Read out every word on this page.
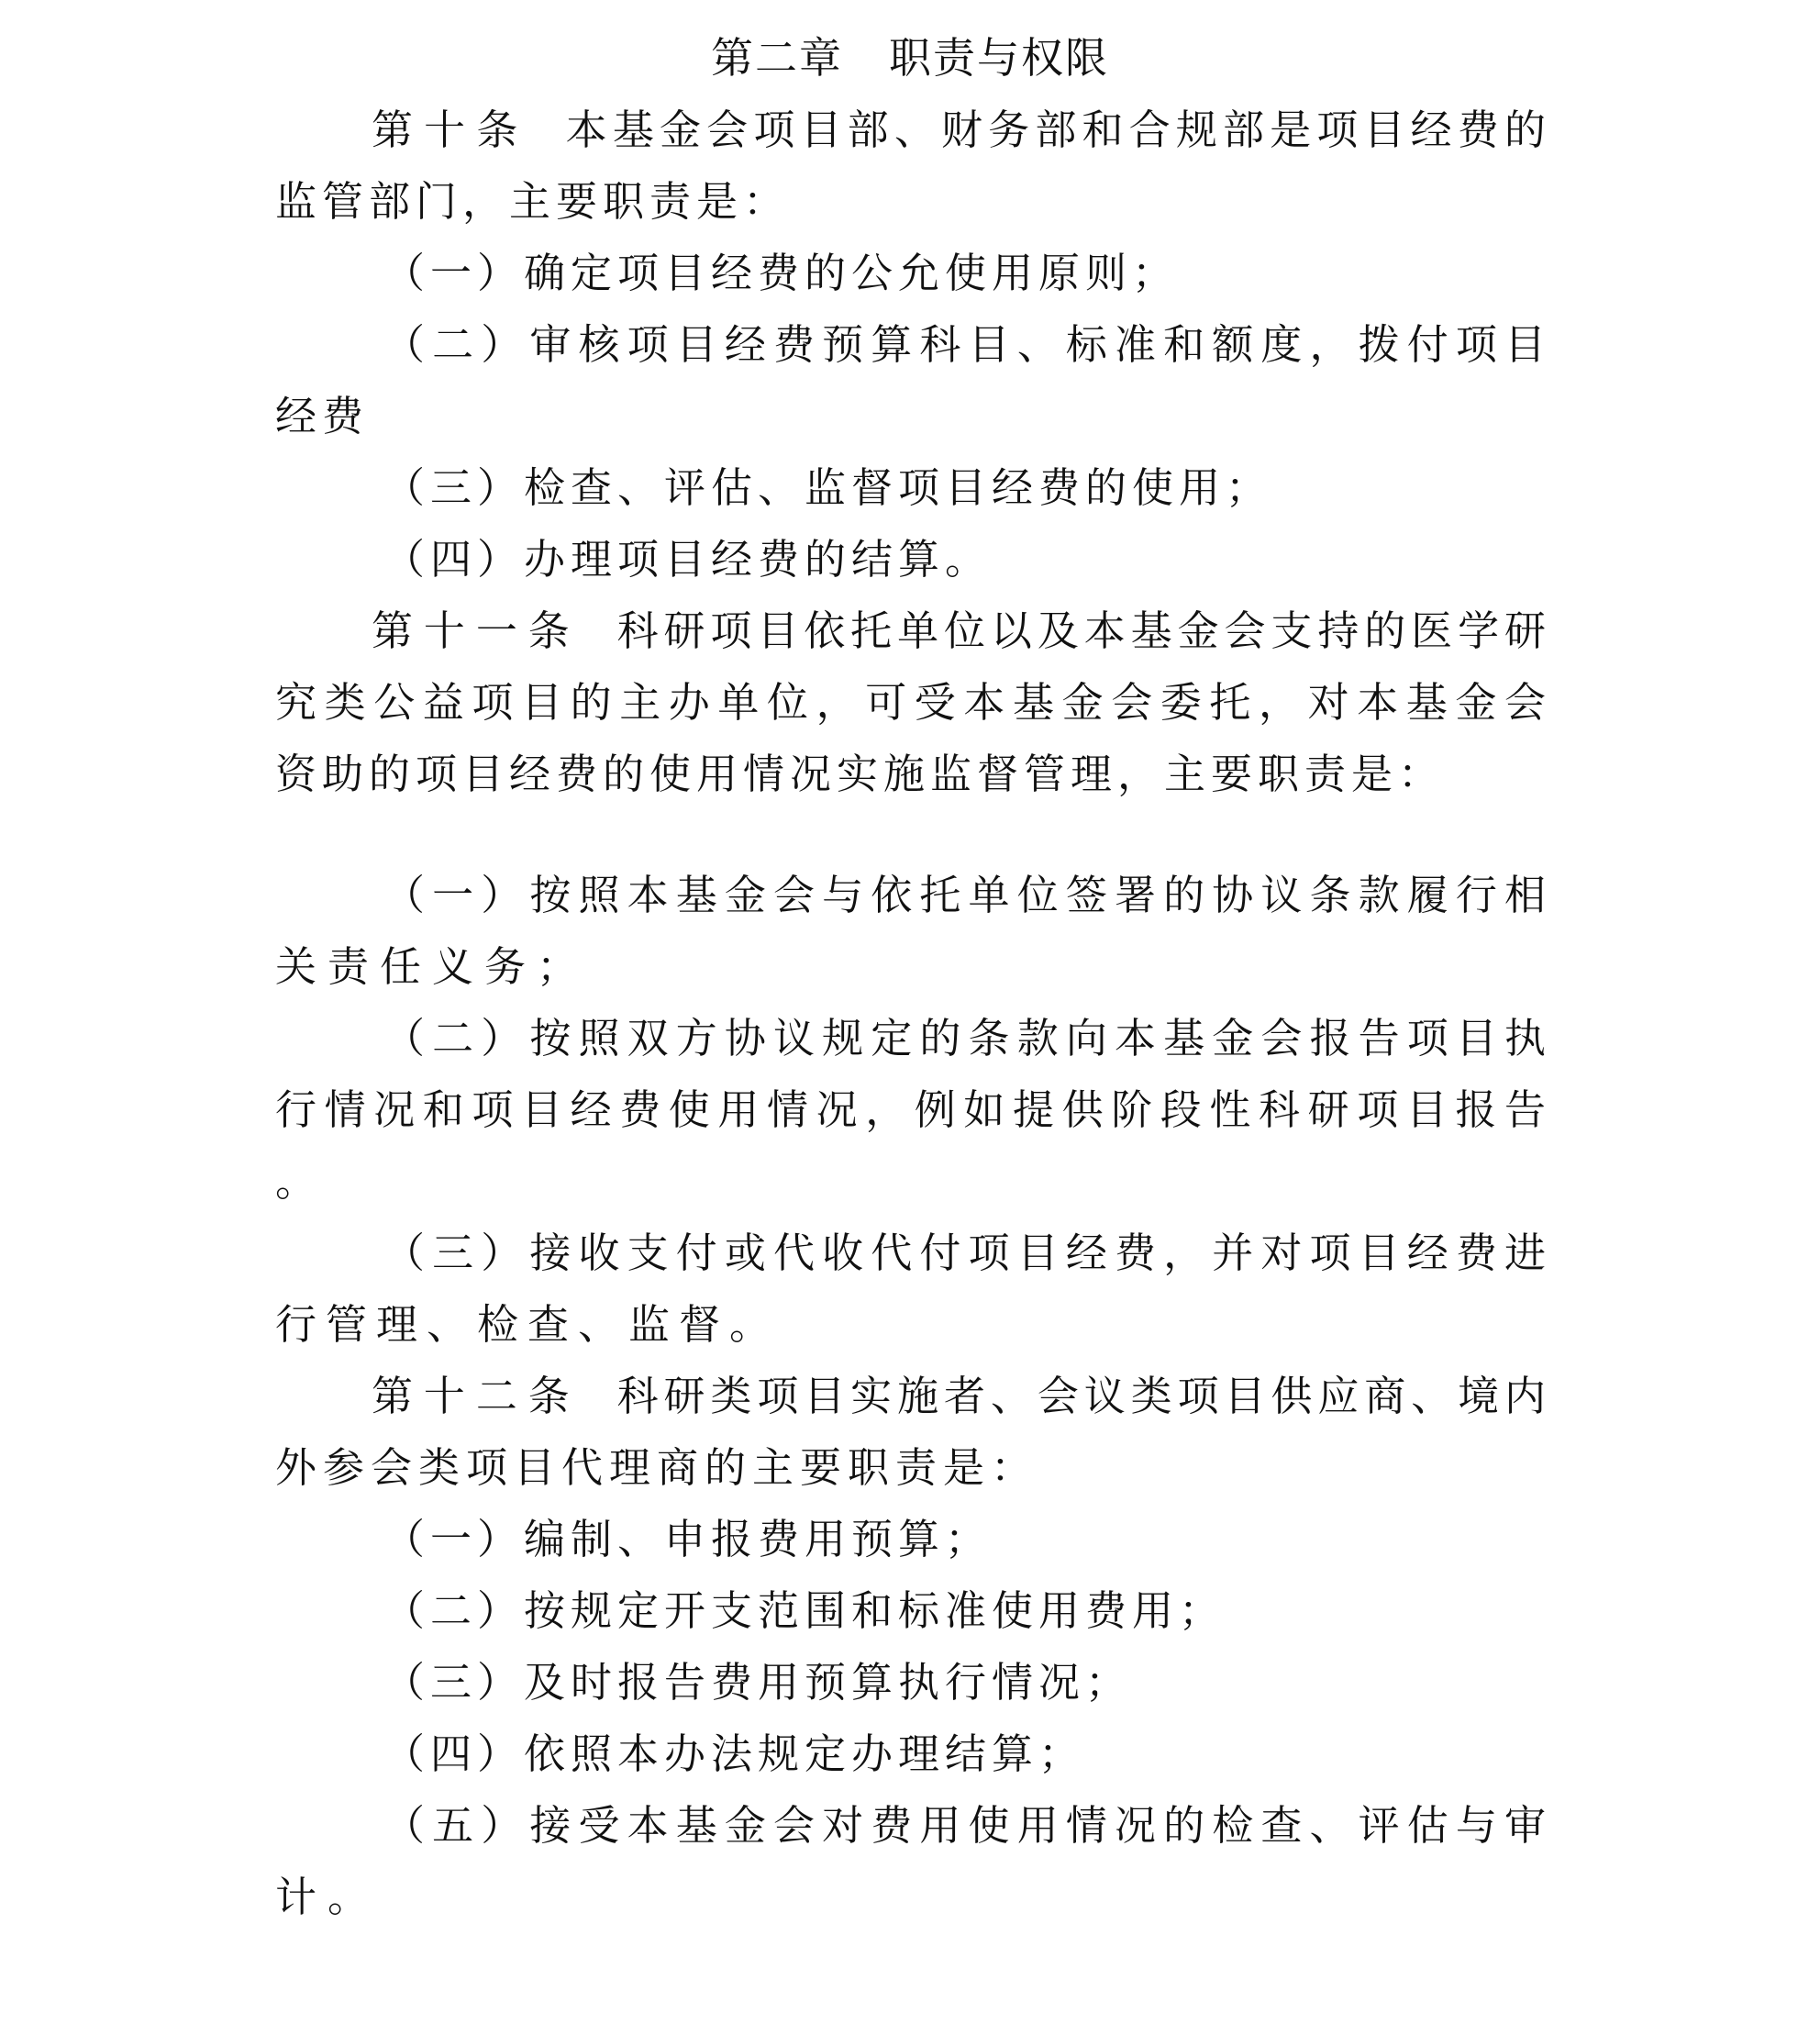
第二章 职责与权限
第十条 本基金会项目部、财务部和合规部是项目经费的
监管部门，主要职责是：
（一）确定项目经费的公允使用原则；
（二）审核项目经费预算科目、标准和额度，拨付项目
经费
（三）检查、评估、监督项目经费的使用；
（四）办理项目经费的结算。
第十一条 科研项目依托单位以及本基金会支持的医学研
究类公益项目的主办单位，可受本基金会委托，对本基金会
资助的项目经费的使用情况实施监督管理，主要职责是：
（一）按照本基金会与依托单位签署的协议条款履行相
关责任义务；
（二）按照双方协议规定的条款向本基金会报告项目执
行情况和项目经费使用情况，例如提供阶段性科研项目报告
。
（三）接收支付或代收代付项目经费，并对项目经费进
行管理、检查、监督。
第十二条 科研类项目实施者、会议类项目供应商、境内
外参会类项目代理商的主要职责是：
（一）编制、申报费用预算；
（二）按规定开支范围和标准使用费用；
（三）及时报告费用预算执行情况；
（四）依照本办法规定办理结算；
（五）接受本基金会对费用使用情况的检查、评估与审
计。
